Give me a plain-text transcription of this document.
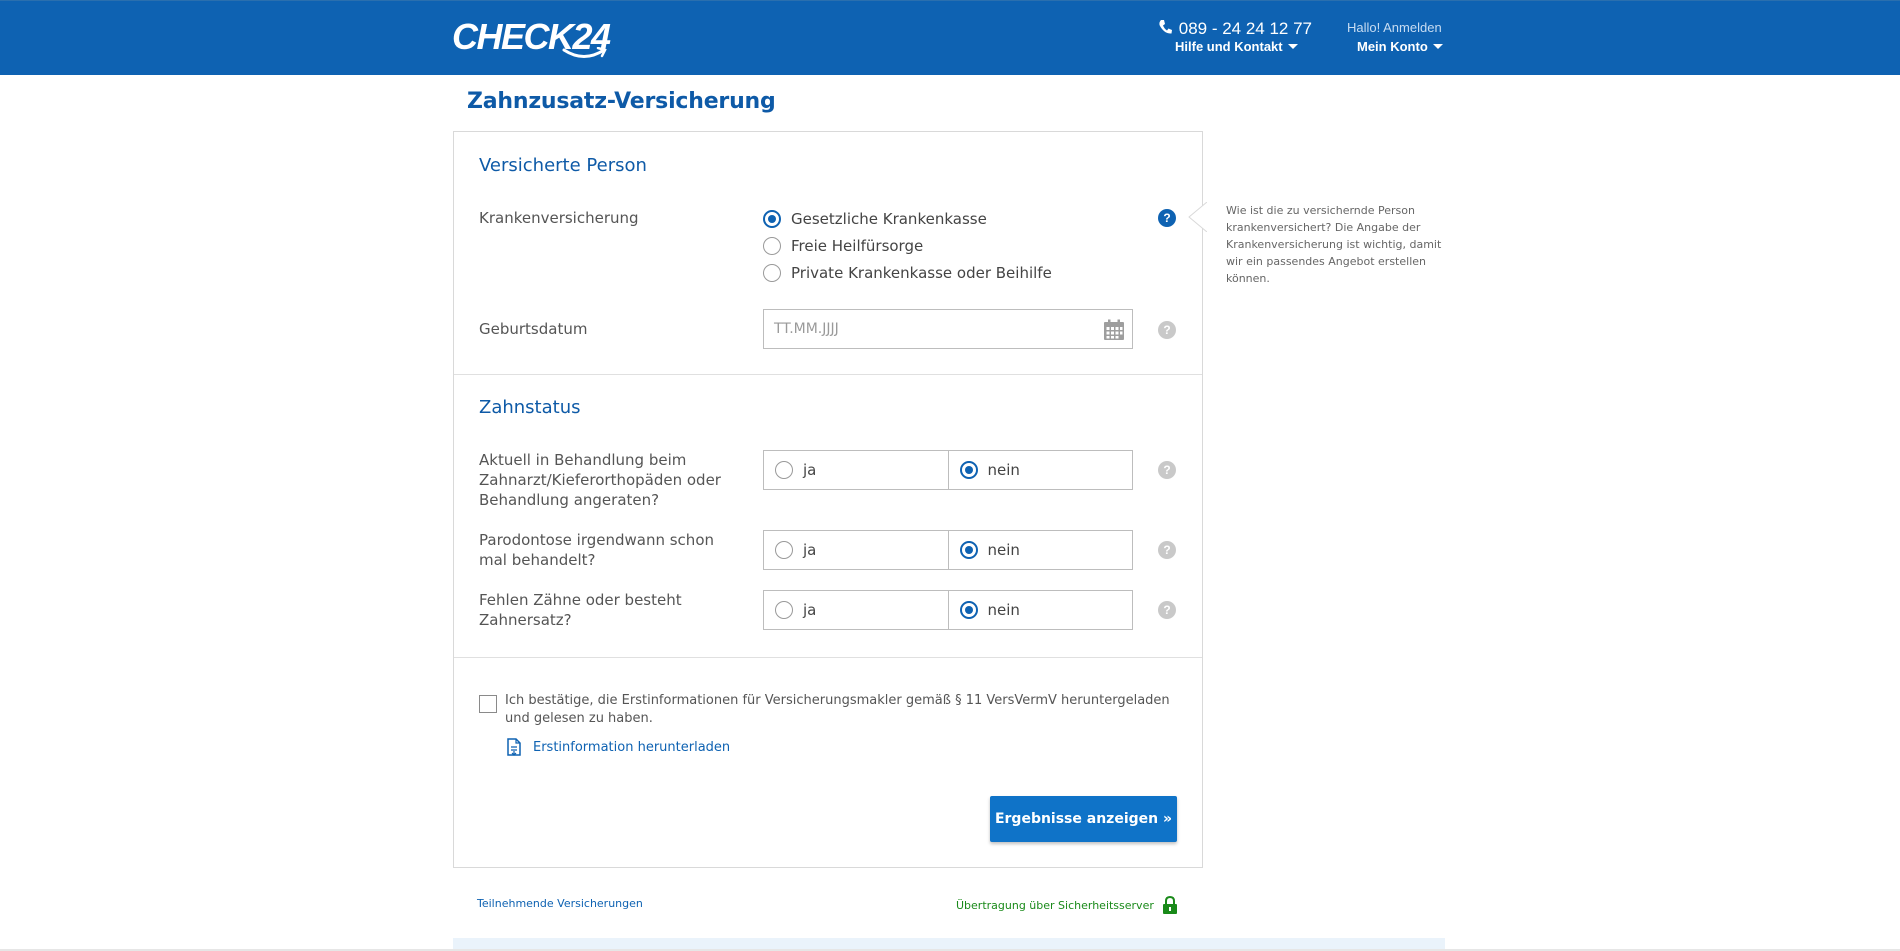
CHECK24	089 - 24 24 12 77
Hilfe und Kontakt
Hallo! Anmelden
Mein Konto
Zahnzusatz-Versicherung
Versicherte Person
Krankenversicherung	Gesetzliche Krankenkasse
Freie Heilfürsorge
Private Krankenkasse oder Beihilfe
?
Geburtsdatum	TT.MM.JJJJ	?
Zahnstatus
Aktuell in Behandlung beim Zahnarzt/Kieferorthopäden oder Behandlung angeraten?
ja	nein	?
Parodontose irgendwann schon mal behandelt?
ja	nein	?
Fehlen Zähne oder besteht Zahnersatz?
ja	nein	?
Ich bestätige, die Erstinformationen für Versicherungsmakler gemäß § 11 VersVermV heruntergeladen und gelesen zu haben.
Erstinformation herunterladen
Ergebnisse anzeigen »
Wie ist die zu versichernde Person krankenversichert? Die Angabe der Krankenversicherung ist wichtig, damit wir ein passendes Angebot erstellen können.
Teilnehmende Versicherungen	Übertragung über Sicherheitsserver
